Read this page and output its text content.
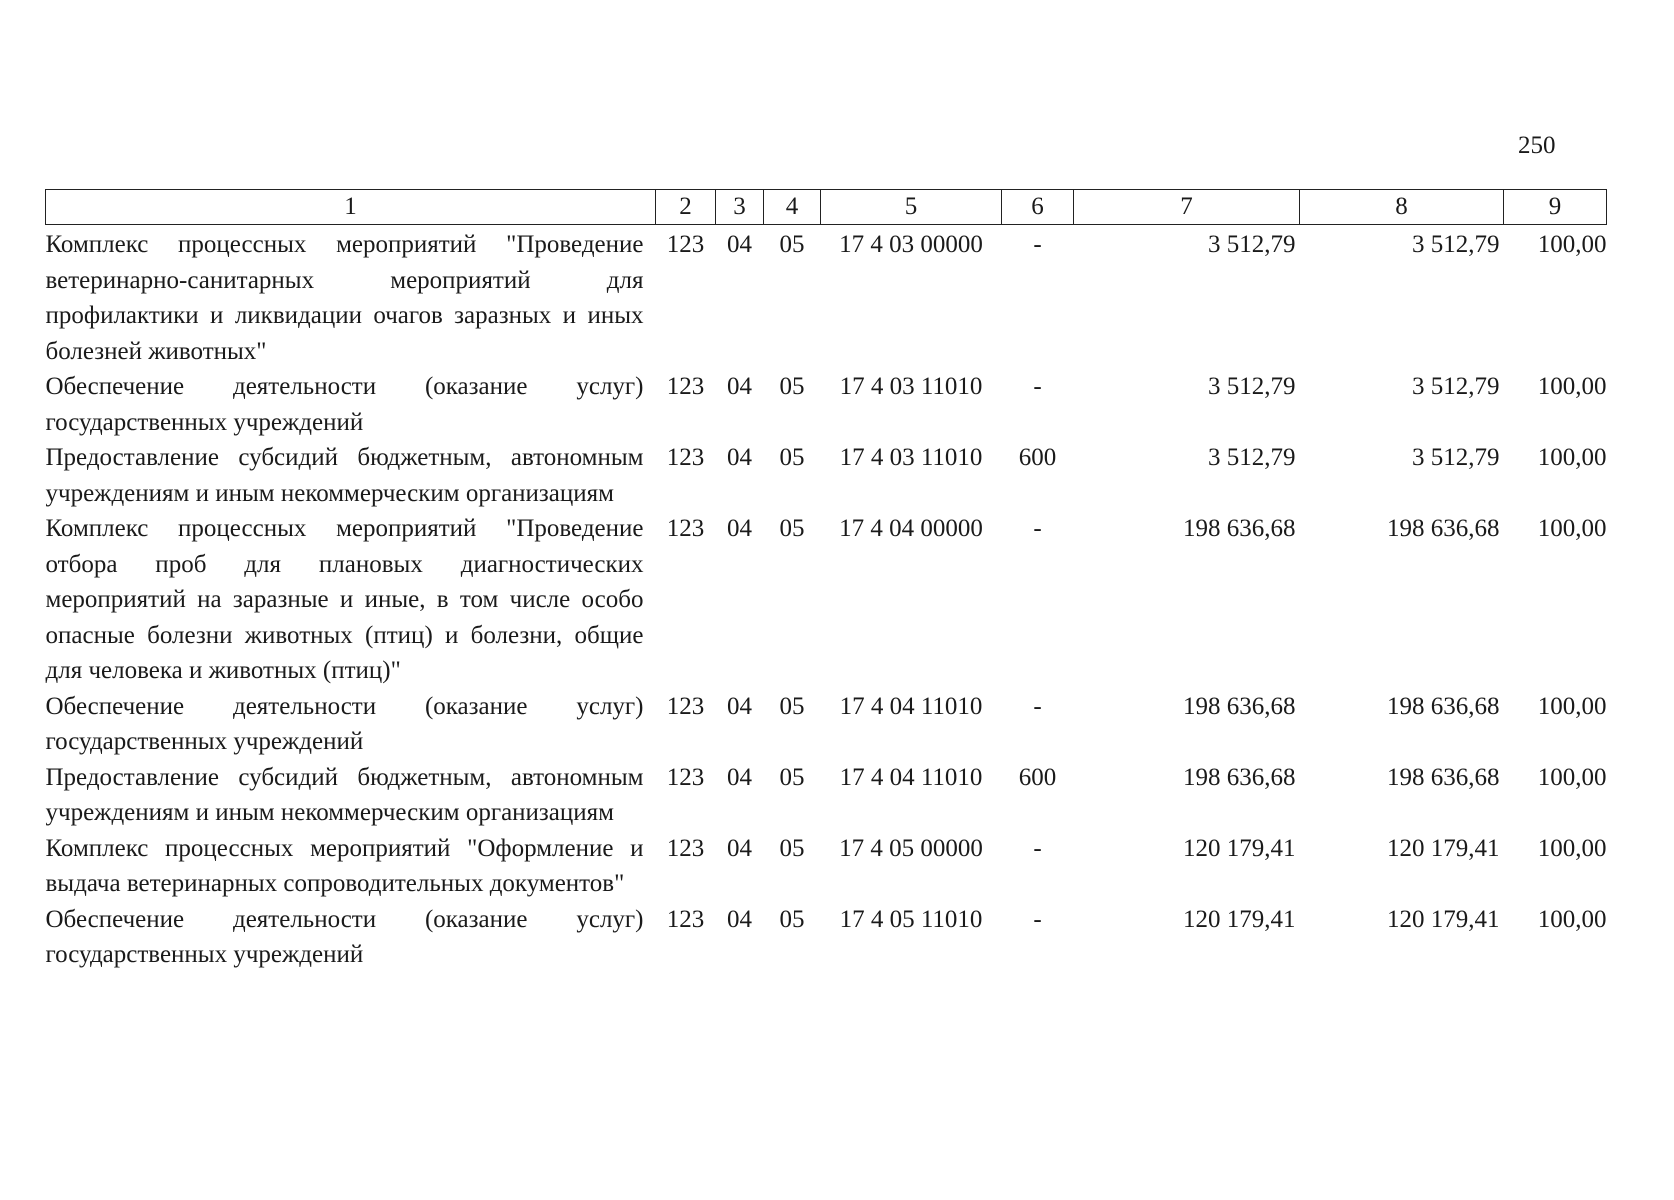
250
1	2	3	4	5	6	7	8	9
Комплекс процессных мероприятий "Проведение ветеринарно-санитарных мероприятий для профилактики и ликвидации очагов заразных и иных болезней животных"	123	04	05	17 4 03 00000	-	3 512,79	3 512,79	100,00
Обеспечение деятельности (оказание услуг) государственных учреждений	123	04	05	17 4 03 11010	-	3 512,79	3 512,79	100,00
Предоставление субсидий бюджетным, автономным учреждениям и иным некоммерческим организациям	123	04	05	17 4 03 11010	600	3 512,79	3 512,79	100,00
Комплекс процессных мероприятий "Проведение отбора проб для плановых диагностических мероприятий на заразные и иные, в том числе особо опасные болезни животных (птиц) и болезни, общие для человека и животных (птиц)"	123	04	05	17 4 04 00000	-	198 636,68	198 636,68	100,00
Обеспечение деятельности (оказание услуг) государственных учреждений	123	04	05	17 4 04 11010	-	198 636,68	198 636,68	100,00
Предоставление субсидий бюджетным, автономным учреждениям и иным некоммерческим организациям	123	04	05	17 4 04 11010	600	198 636,68	198 636,68	100,00
Комплекс процессных мероприятий "Оформление и выдача ветеринарных сопроводительных документов"	123	04	05	17 4 05 00000	-	120 179,41	120 179,41	100,00
Обеспечение деятельности (оказание услуг) государственных учреждений	123	04	05	17 4 05 11010	-	120 179,41	120 179,41	100,00
